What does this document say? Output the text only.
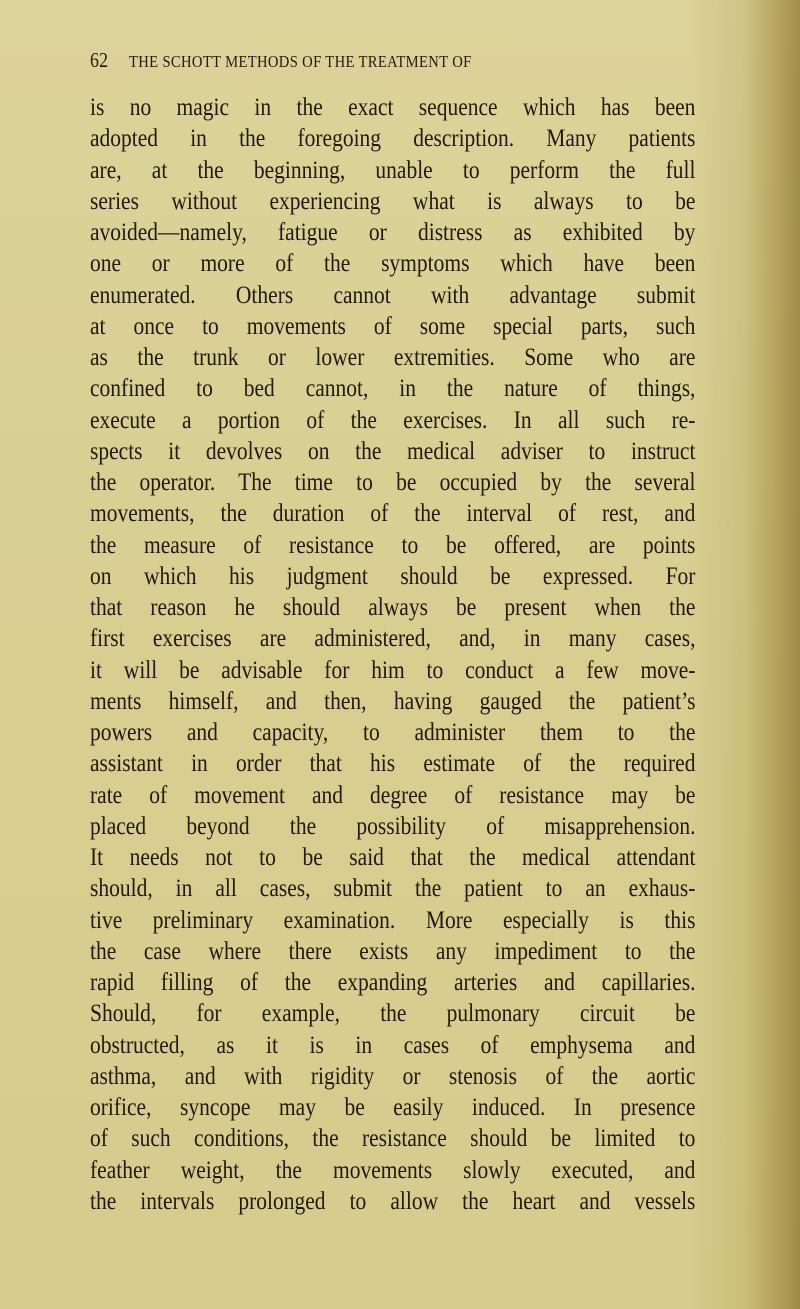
62 THE SCHOTT METHODS OF THE TREATMENT OF
is no magic in the exact sequence which has been
adopted in the foregoing description. Many patients
are, at the beginning, unable to perform the full
series without experiencing what is always to be
avoided—namely, fatigue or distress as exhibited by
one or more of the symptoms which have been
enumerated. Others cannot with advantage submit
at once to movements of some special parts, such
as the trunk or lower extremities. Some who are
confined to bed cannot, in the nature of things,
execute a portion of the exercises. In all such re-
spects it devolves on the medical adviser to instruct
the operator. The time to be occupied by the several
movements, the duration of the interval of rest, and
the measure of resistance to be offered, are points
on which his judgment should be expressed. For
that reason he should always be present when the
first exercises are administered, and, in many cases,
it will be advisable for him to conduct a few move-
ments himself, and then, having gauged the patient’s
powers and capacity, to administer them to the
assistant in order that his estimate of the required
rate of movement and degree of resistance may be
placed beyond the possibility of misapprehension.
It needs not to be said that the medical attendant
should, in all cases, submit the patient to an exhaus-
tive preliminary examination. More especially is this
the case where there exists any impediment to the
rapid filling of the expanding arteries and capillaries.
Should, for example, the pulmonary circuit be
obstructed, as it is in cases of emphysema and
asthma, and with rigidity or stenosis of the aortic
orifice, syncope may be easily induced. In presence
of such conditions, the resistance should be limited to
feather weight, the movements slowly executed, and
the intervals prolonged to allow the heart and vessels
